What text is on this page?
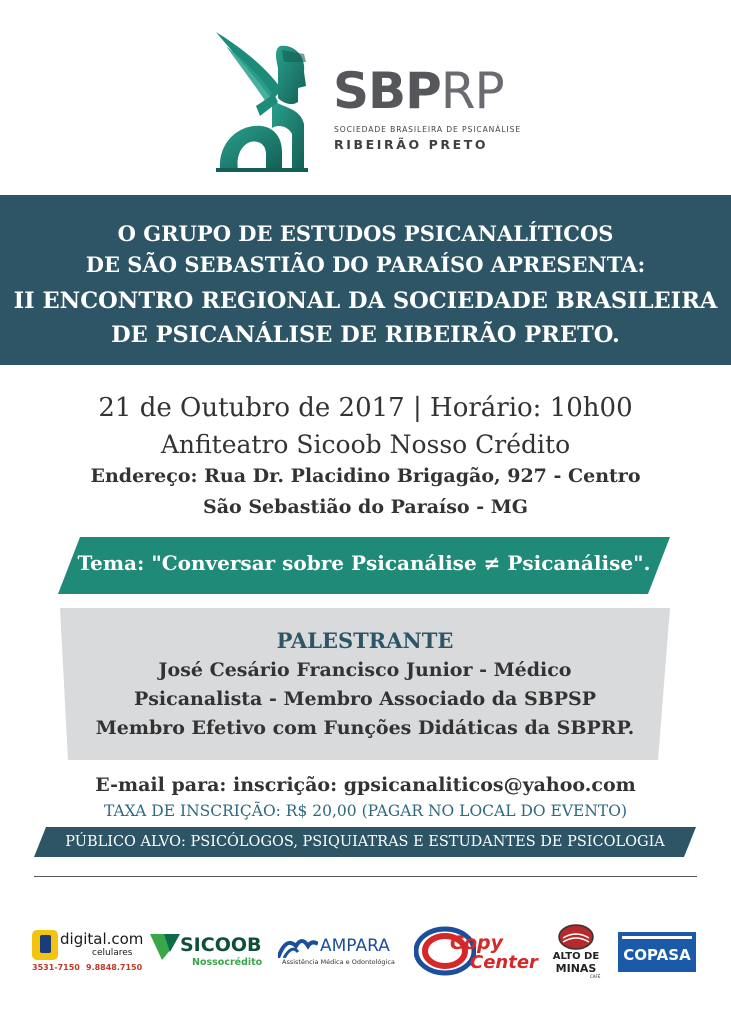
SBPRP
SOCIEDADE BRASILEIRA DE PSICANÁLISE
RIBEIRÃO PRETO
O GRUPO DE ESTUDOS PSICANALÍTICOS
DE SÃO SEBASTIÃO DO PARAÍSO APRESENTA:
II ENCONTRO REGIONAL DA SOCIEDADE BRASILEIRA
DE PSICANÁLISE DE RIBEIRÃO PRETO.
21 de Outubro de 2017 | Horário: 10h00
Anfiteatro Sicoob Nosso Crédito
Endereço: Rua Dr. Placidino Brigagão, 927 - Centro
São Sebastião do Paraíso - MG
Tema: "Conversar sobre Psicanálise ≠ Psicanálise".
PALESTRANTE
José Cesário Francisco Junior - Médico
Psicanalista - Membro Associado da SBPSP
Membro Efetivo com Funções Didáticas da SBPRP.
E-mail para: inscrição: gpsicanaliticos@yahoo.com
TAXA DE INSCRIÇÃO: R$ 20,00 (PAGAR NO LOCAL DO EVENTO)
PÚBLICO ALVO: PSICÓLOGOS, PSIQUIATRAS E ESTUDANTES DE PSICOLOGIA
digital.com
celulares
3531-7150 9.8848.7150
SICOOB
Nossocrédito
AMPARA
Assistência Médica e Odontológica
Copy
Center ALTO DE
MINAS
CAFÉ
COPASA
